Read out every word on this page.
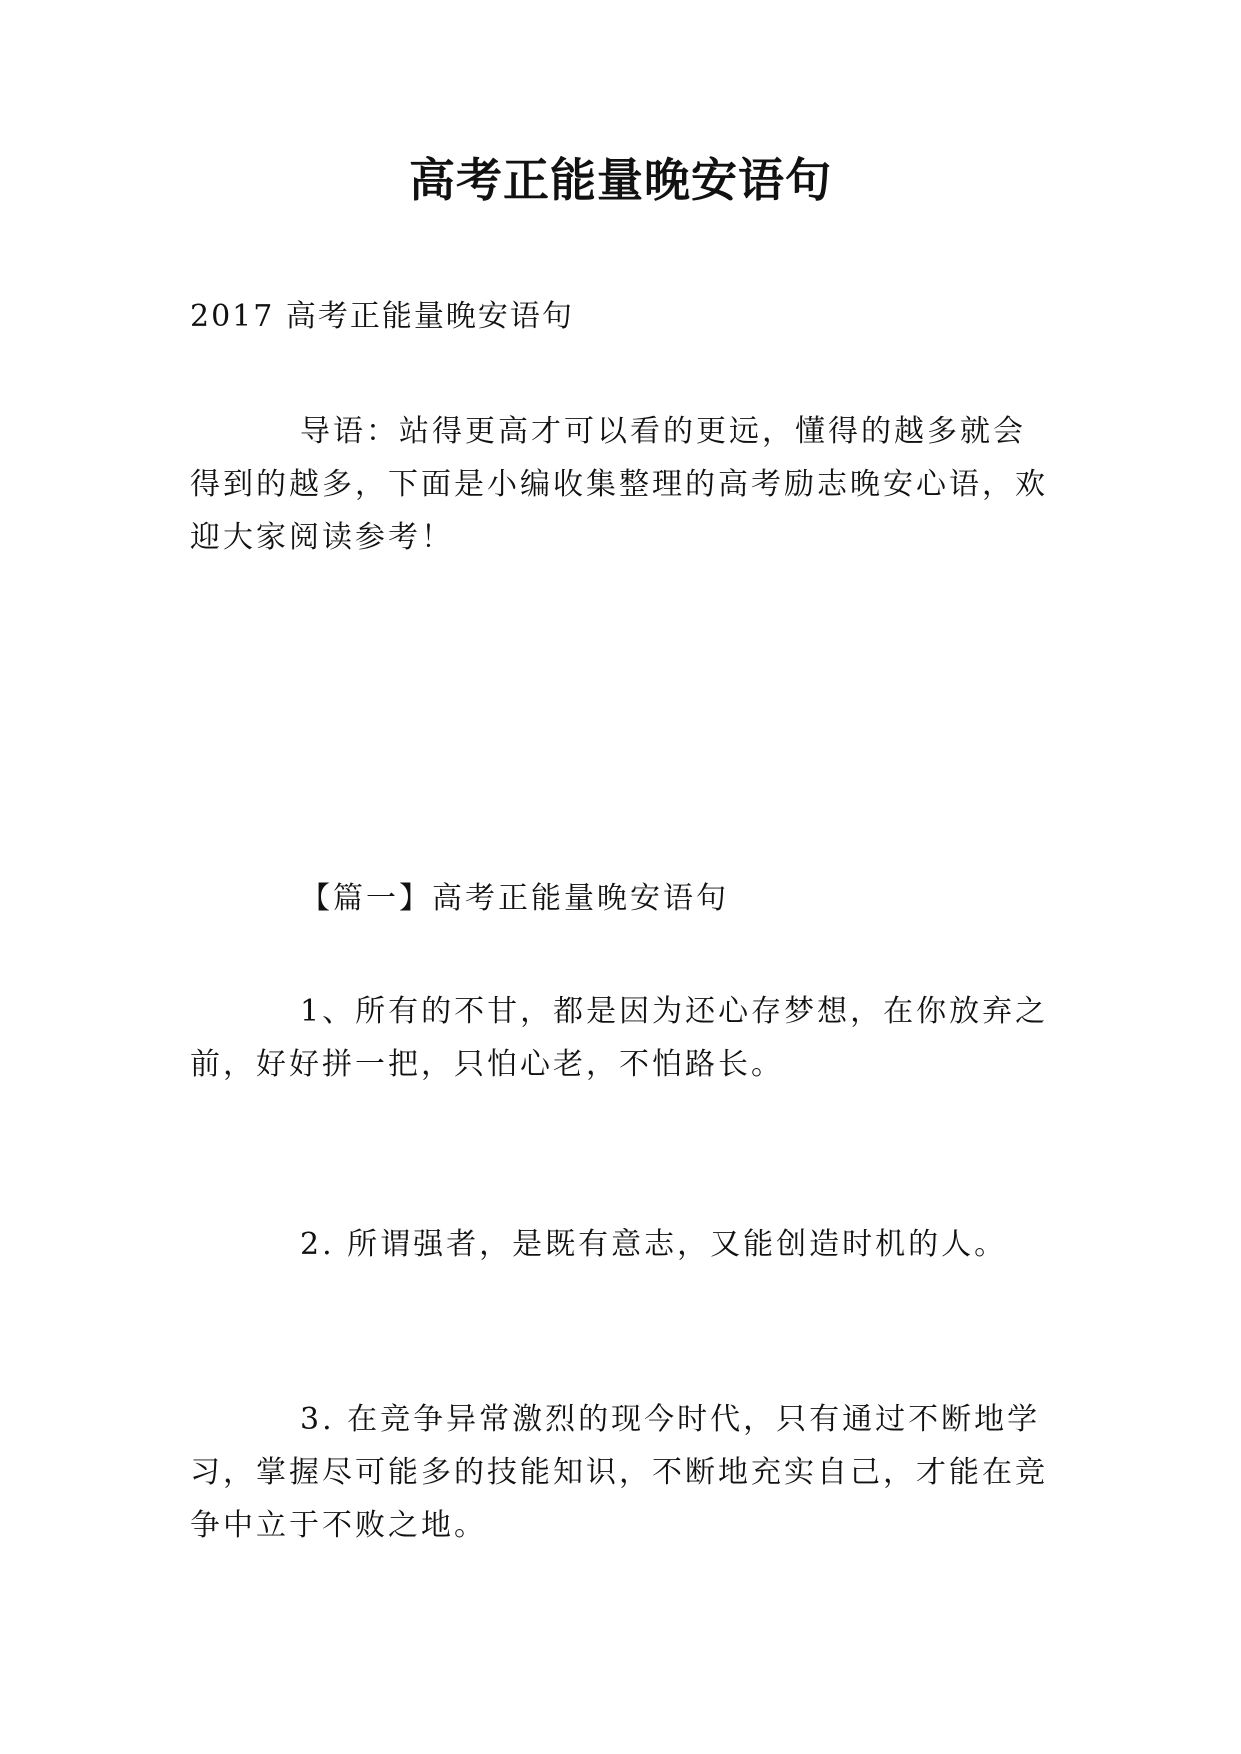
高考正能量晚安语句
2017 高考正能量晚安语句
导语：站得更高才可以看的更远，懂得的越多就会得到的越多，下面是小编收集整理的高考励志晚安心语，欢迎大家阅读参考！
【篇一】高考正能量晚安语句
1、所有的不甘，都是因为还心存梦想，在你放弃之前，好好拼一把，只怕心老，不怕路长。
2. 所谓强者，是既有意志，又能创造时机的人。
3. 在竞争异常激烈的现今时代，只有通过不断地学习，掌握尽可能多的技能知识，不断地充实自己，才能在竞争中立于不败之地。
